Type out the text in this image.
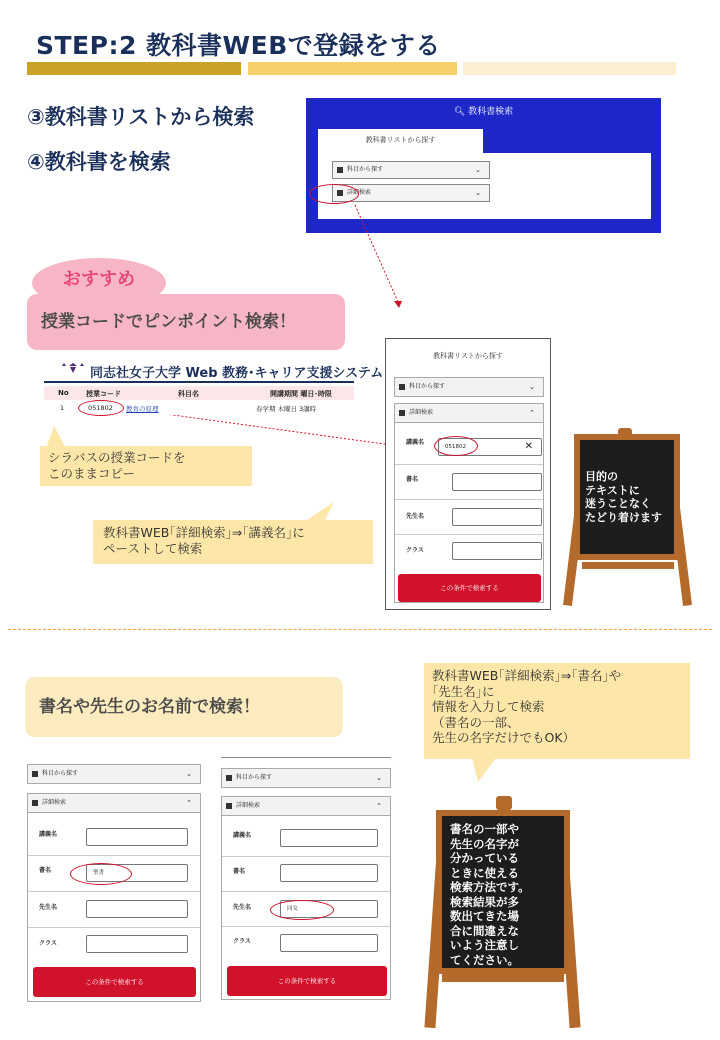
STEP:2 教科書WEBで登録をする
③教科書リストから検索
④教科書を検索
🔍︎ 教科書検索
教科書リストから探す
科目から探す	⌄
詳細検索	⌄
おすすめ
授業コードでピンポイント検索！
同志社女子大学 Web 教務･キャリア支援システム
No 授業コード	科目名	開講期間 曜日･時限
1	051802 教育の原理	春学期 木曜日 3講時
シラバスの授業コードを
このままコピー
教科書WEB｢詳細検索｣⇒｢講義名｣に
ペーストして検索
教科書リストから探す
科目から探す	⌄
詳細検索	⌃
講義名
051802	✕
書名
先生名
クラス
この条件で検索する
目的の
テキストに
迷うことなく
たどり着けます
書名や先生のお名前で検索！
教科書WEB｢詳細検索｣⇒｢書名｣や
｢先生名｣に
情報を入力して検索
（書名の一部、
先生の名字だけでもOK）
科目から探す	⌄
詳細検索	⌃
講義名
書名	聖書
先生名
クラス
この条件で検索する
科目から探す	⌄
詳細検索	⌃
講義名
書名
先生名	同女
クラス
この条件で検索する
書名の一部や
先生の名字が
分かっている
ときに使える
検索方法です。
検索結果が多
数出てきた場
合に間違えな
いよう注意し
てください。
